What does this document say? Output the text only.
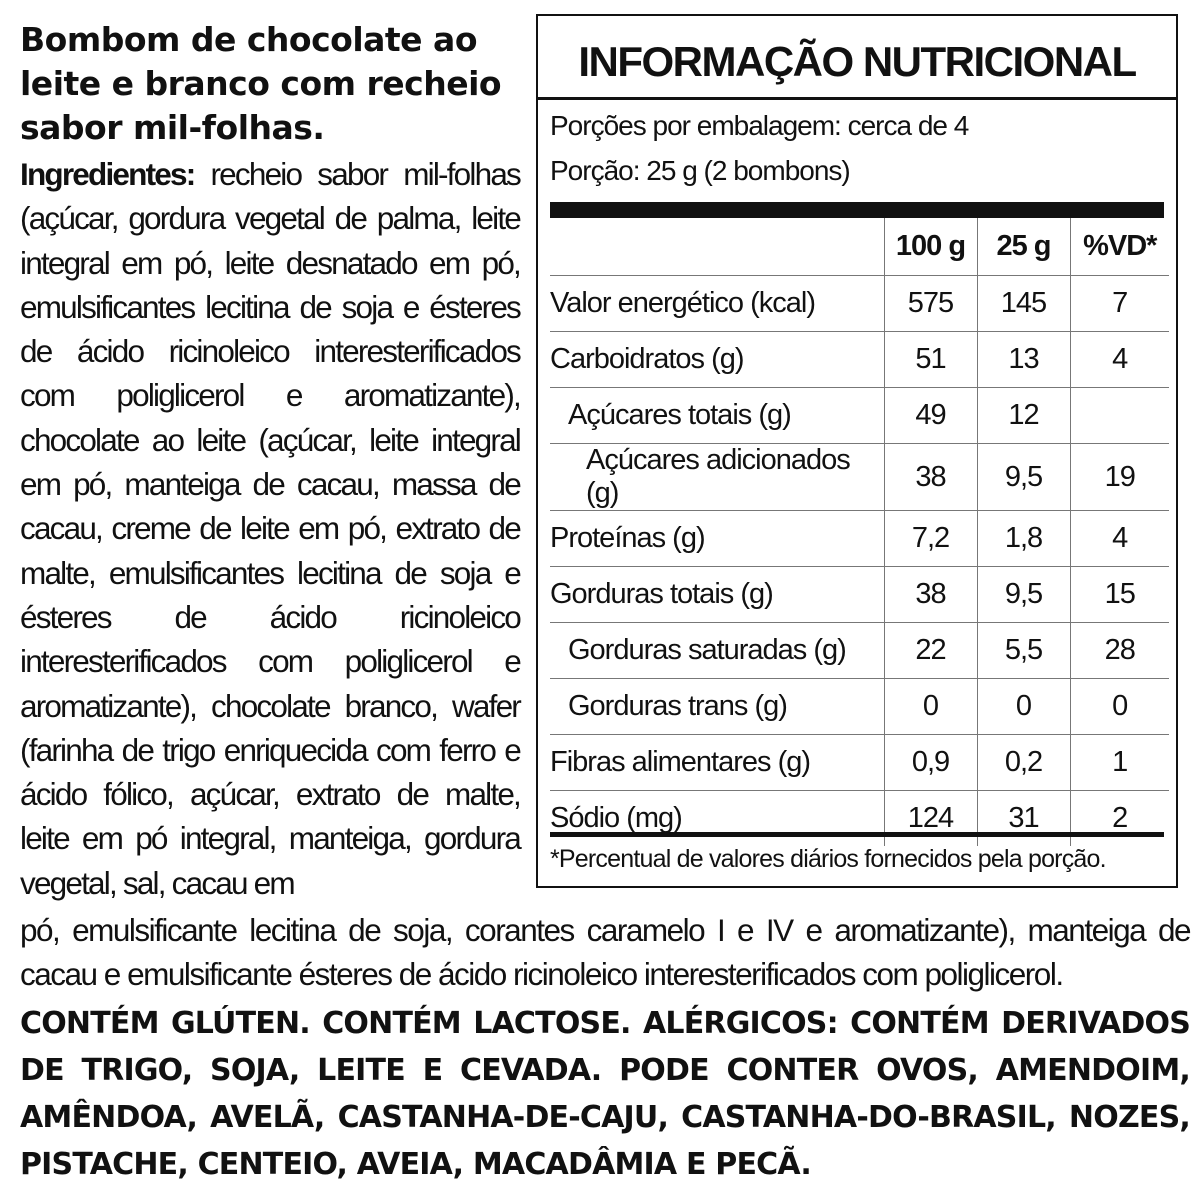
Bombom de chocolate ao leite e branco com recheio sabor mil-folhas.
Ingredientes: recheio sabor mil-folhas (açúcar, gordura vegetal de palma, leite integral em pó, leite desnatado em pó, emulsificantes lecitina de soja e ésteres de ácido ricinoleico interesterificados com poliglicerol e aromatizante), chocolate ao leite (açúcar, leite integral em pó, manteiga de cacau, massa de cacau, creme de leite em pó, extrato de malte, emulsificantes lecitina de soja e ésteres de ácido ricinoleico interesterificados com poliglicerol e aromatizante), chocolate branco, wafer (farinha de trigo enriquecida com ferro e ácido fólico, açúcar, extrato de malte, leite em pó integral, manteiga, gordura vegetal, sal, cacau em
pó, emulsificante lecitina de soja, corantes caramelo I e IV e aromatizante), manteiga de cacau e emulsificante ésteres de ácido ricinoleico interesterificados com poliglicerol.
CONTÉM GLÚTEN. CONTÉM LACTOSE. ALÉRGICOS: CONTÉM DERIVADOS DE TRIGO, SOJA, LEITE E CEVADA. PODE CONTER OVOS, AMENDOIM, AMÊNDOA, AVELÃ, CASTANHA-DE-CAJU, CASTANHA-DO-BRASIL, NOZES, PISTACHE, CENTEIO, AVEIA, MACADÂMIA E PECÃ.
INFORMAÇÃO NUTRICIONAL
Porções por embalagem: cerca de 4
Porção: 25 g (2 bombons)
	100 g	25 g	%VD*
Valor energético (kcal)	575	145	7
Carboidratos (g)	51	13	4
Açúcares totais (g)	49	12	
Açúcares adicionados (g)	38	9,5	19
Proteínas (g)	7,2	1,8	4
Gorduras totais (g)	38	9,5	15
Gorduras saturadas (g)	22	5,5	28
Gorduras trans (g)	0	0	0
Fibras alimentares (g)	0,9	0,2	1
Sódio (mg)	124	31	2
*Percentual de valores diários fornecidos pela porção.
